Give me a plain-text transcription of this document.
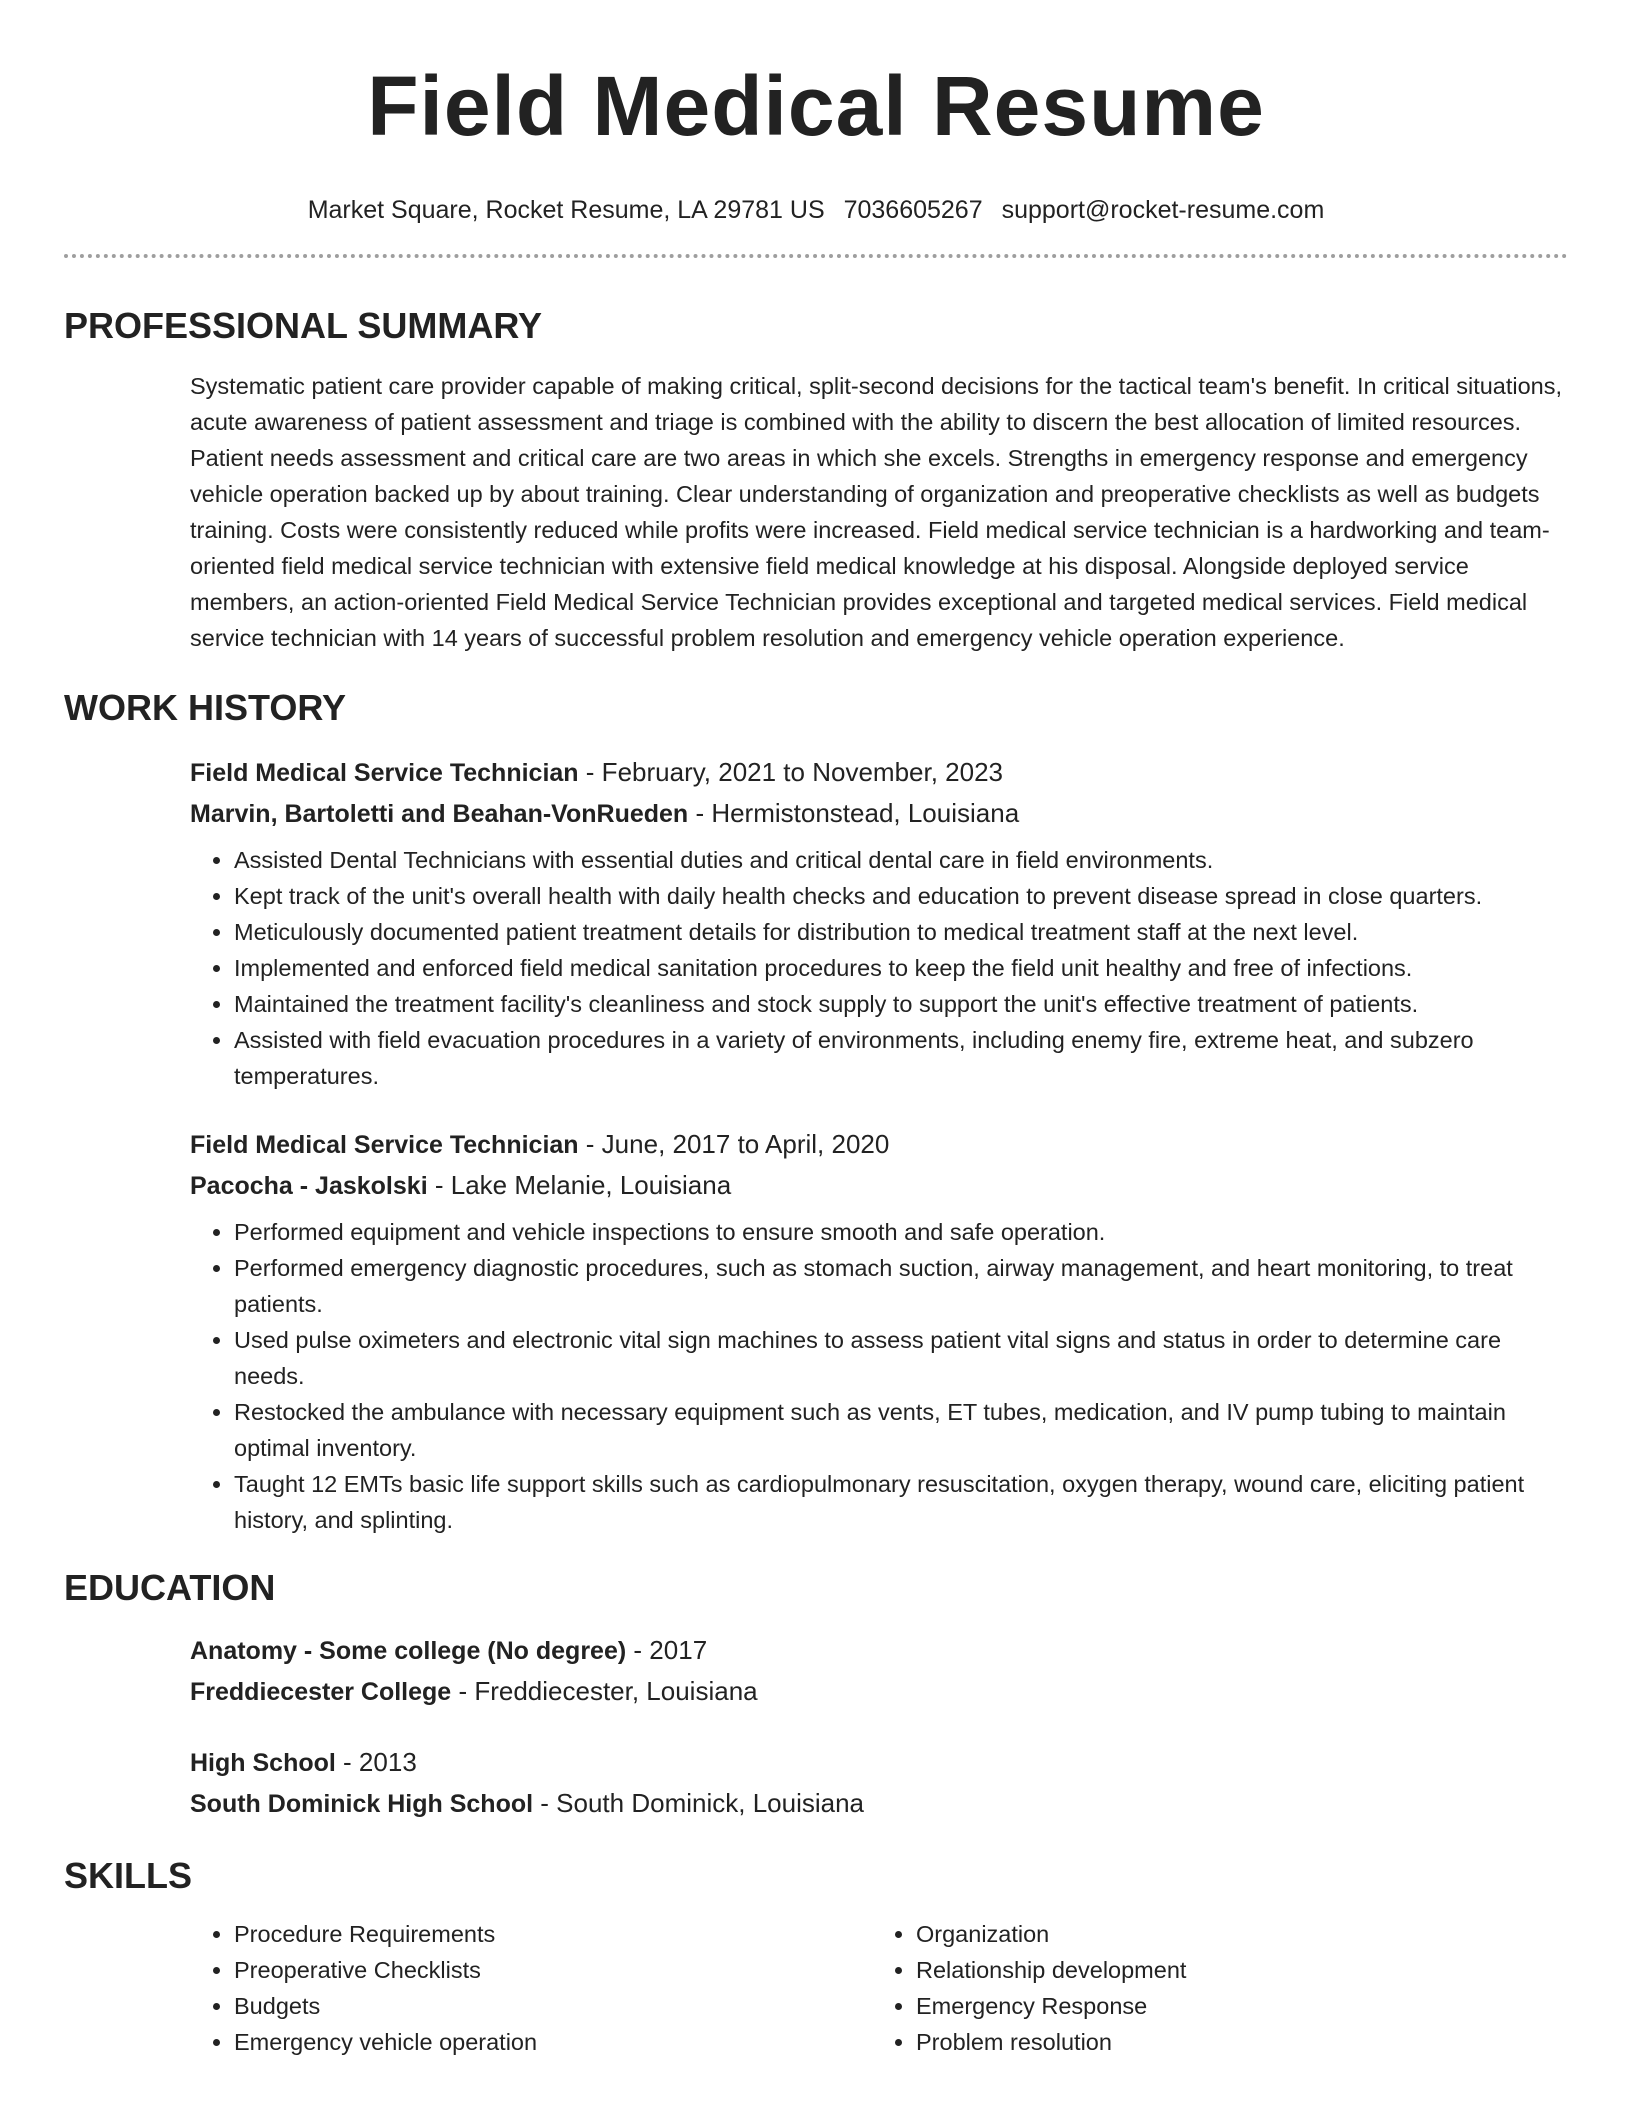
Field Medical Resume
Market Square, Rocket Resume, LA 29781 US 7036605267 support@rocket-resume.com
PROFESSIONAL SUMMARY
Systematic patient care provider capable of making critical, split-second decisions for the tactical team's benefit. In critical situations, acute awareness of patient assessment and triage is combined with the ability to discern the best allocation of limited resources. Patient needs assessment and critical care are two areas in which she excels. Strengths in emergency response and emergency vehicle operation backed up by about training. Clear understanding of organization and preoperative checklists as well as budgets training. Costs were consistently reduced while profits were increased. Field medical service technician is a hardworking and team-oriented field medical service technician with extensive field medical knowledge at his disposal. Alongside deployed service members, an action-oriented Field Medical Service Technician provides exceptional and targeted medical services. Field medical service technician with 14 years of successful problem resolution and emergency vehicle operation experience.
WORK HISTORY
Field Medical Service Technician - February, 2021 to November, 2023
Marvin, Bartoletti and Beahan-VonRueden - Hermistonstead, Louisiana
• Assisted Dental Technicians with essential duties and critical dental care in field environments.
• Kept track of the unit's overall health with daily health checks and education to prevent disease spread in close quarters.
• Meticulously documented patient treatment details for distribution to medical treatment staff at the next level.
• Implemented and enforced field medical sanitation procedures to keep the field unit healthy and free of infections.
• Maintained the treatment facility's cleanliness and stock supply to support the unit's effective treatment of patients.
• Assisted with field evacuation procedures in a variety of environments, including enemy fire, extreme heat, and subzero temperatures.
Field Medical Service Technician - June, 2017 to April, 2020
Pacocha - Jaskolski - Lake Melanie, Louisiana
• Performed equipment and vehicle inspections to ensure smooth and safe operation.
• Performed emergency diagnostic procedures, such as stomach suction, airway management, and heart monitoring, to treat patients.
• Used pulse oximeters and electronic vital sign machines to assess patient vital signs and status in order to determine care needs.
• Restocked the ambulance with necessary equipment such as vents, ET tubes, medication, and IV pump tubing to maintain optimal inventory.
• Taught 12 EMTs basic life support skills such as cardiopulmonary resuscitation, oxygen therapy, wound care, eliciting patient history, and splinting.
EDUCATION
Anatomy - Some college (No degree) - 2017
Freddiecester College - Freddiecester, Louisiana
High School - 2013
South Dominick High School - South Dominick, Louisiana
SKILLS
• Procedure Requirements
• Preoperative Checklists
• Budgets
• Emergency vehicle operation
• Organization
• Relationship development
• Emergency Response
• Problem resolution
